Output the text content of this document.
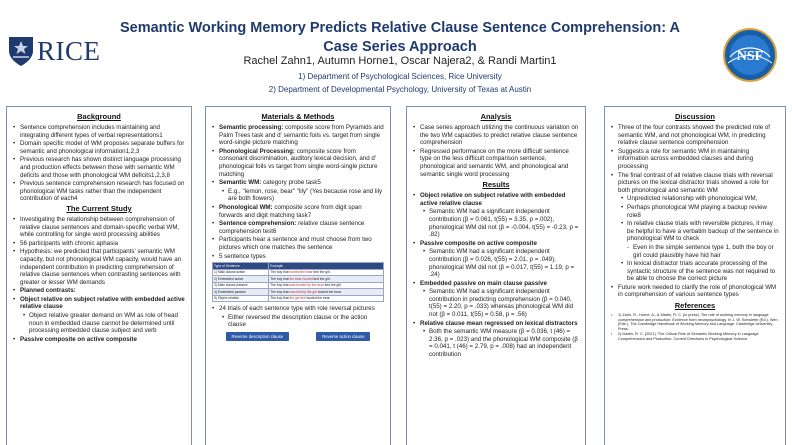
RICE
Semantic Working Memory Predicts Relative Clause Sentence Comprehension: A Case Series Approach
Rachel Zahn1, Autumn Horne1, Oscar Najera2, & Randi Martin1
1) Department of Psychological Sciences, Rice University
2) Department of Developmental Psychology, University of Texas at Austin
NSF
Background
• Sentence comprehension includes maintaining and integrating different types of verbal representations1
• Domain specific model of WM proposes separate buffers for semantic and phonological information1,2,3
• Previous research has shown distinct language processing and production effects between those with semantic WM deficits and those with phonological WM deficits1,2,3,8
• Previous sentence comprehension research has focused on phonological WM tasks rather than the independent contribution of each4
The Current Study
• Investigating the relationship between comprehension of relative clause sentences and domain-specific verbal WM, while controlling for single word processing abilities
• 56 participants with chronic aphasia
• Hypothesis: we predicted that participants' semantic WM capacity, but not phonological WM capacity, would have an independent contribution in predicting comprehension of relative clause sentences when contrasting sentences with greater or lesser WM demands
• Planned contrasts:
• Object relative on subject relative with embedded active relative clause
• Object relative greater demand on WM as role of head noun in embedded clause cannot be determined until processing embedded clause subject and verb
• Passive composite on active composite
Materials & Methods
• Semantic processing: composite score from Pyramids and Palm Trees task and d' semantic foils vs. target from single word-single picture matching
• Phonological Processing: composite score from consonant discrimination, auditory lexical decision, and d' phonological foils vs target from single word-single picture matching
• Semantic WM: category probe task5
• E.g., "lemon, rose, bear" "lily" (Yes because rose and lily are both flowers)
• Phonological WM: composite score from digit span forwards and digit matching task7
• Sentence comprehension: relative clause sentence comprehension test6
• Participants hear a sentence and must choose from two pictures which one matches the sentence
• 5 sentence types
Type of Sentence	Example
1) Main clause active	The boy that hunted the bear tied the girl.
2) Embedded active	The boy that the bear hunted tied the girl.
3) Main clause passive	The boy that was hunted by the bear tied the girl.
4) Embedded passive	The boy that was tied by the girl hunted the bear.
5) Object relative	The boy that the girl tied hunted the bear.
• 24 trials of each sentence type with role reversal pictures
• Either reversed the description clause or the action clause
Reverse description clause	Reverse action clause
Analysis
• Case series approach utilizing the continuous variation on the two WM capacities to predict relative clause sentence comprehension
• Regressed performance on the more difficult sentence type on the less difficult comparison sentence, phonological and semantic WM, and phonological and semantic single word processing
Results
• Object relative on subject relative with embedded active relative clause
• Semantic WM had a significant independent contribution (β = 0.061, t(55) = 3.35, p =.002), phonological WM did not (β = -0.004, t(55) = -0.23, p = .82)
• Passive composite on active composite
• Semantic WM had a significant independent contribution (β = 0.026, t(55) = 2.01, p = .049), phonological WM did not (β = 0.017, t(55) = 1.19, p = .24)
• Embedded passive on main clause passive
• Semantic WM had a significant independent contribution in predicting comprehension (β = 0.040, t(55) = 2.20, p = .033) whereas phonological WM did not (β = 0.011, t(55) = 0.58, p = .56)
• Relative clause mean regressed on lexical distractors
• Both the semantic WM measure (β = 0.036, t (46) = 2.36, p = .023) and the phonological WM composite (β = 0.041, t (46) = 2.79, p = .008) had an independent contribution
Discussion
• Three of the four contrasts showed the predicted role of semantic WM, and not phonological WM, in predicting relative clause sentence comprehension
• Suggests a role for semantic WM in maintaining information across embedded clauses and during processing
• The final contrast of all relative clause trials with reversal pictures on the lexical distractor trials showed a role for both phonological and semantic WM
• Unpredicted relationship with phonological WM,
• Perhaps phonological WM playing a backup review role8
• In relative clause trials with reversible pictures, it may be helpful to have a verbatim backup of the sentence in phonological WM to check
- Even in the simple sentence type 1, both the boy or girl could plausibly have hid hair
• In lexical distractor trials accurate processing of the syntactic structure of the sentence was not required to be able to choose the correct picture
• Future work needed to clarify the role of phonological WM in comprehension of various sentence types
References
• 1) Zahn, R., Horne, A., & Martin, R. C. (in press). The role of working memory in language comprehension and production: Evidence from neuropsychology. In J. W. Schwieter (Ed.), Wen (Eds.), The Cambridge Handbook of Working Memory and Language. Cambridge University Press.
• 2) Martin, R. C. (2021). The Critical Role of Semantic Working Memory in Language Comprehension and Production. Current Directions in Psychological Science.
